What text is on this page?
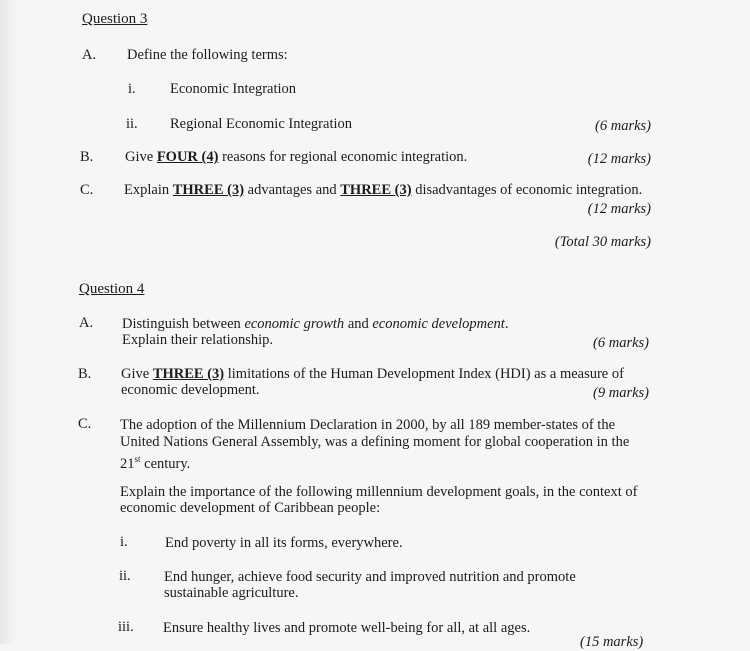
Question 3
A. Define the following terms:
i. Economic Integration
ii. Regional Economic Integration	(6 marks)
B. Give FOUR (4) reasons for regional economic integration.	(12 marks)
C. Explain THREE (3) advantages and THREE (3) disadvantages of economic integration.
(12 marks)
(Total 30 marks)
Question 4
A. Distinguish between economic growth and economic development.
Explain their relationship.	(6 marks)
B. Give THREE (3) limitations of the Human Development Index (HDI) as a measure of
economic development.	(9 marks)
C. The adoption of the Millennium Declaration in 2000, by all 189 member-states of the
United Nations General Assembly, was a defining moment for global cooperation in the
21st century.
Explain the importance of the following millennium development goals, in the context of
economic development of Caribbean people:
i.	End poverty in all its forms, everywhere.
ii. End hunger, achieve food security and improved nutrition and promote
sustainable agriculture.
iii. Ensure healthy lives and promote well-being for all, at all ages.
(15 marks)
